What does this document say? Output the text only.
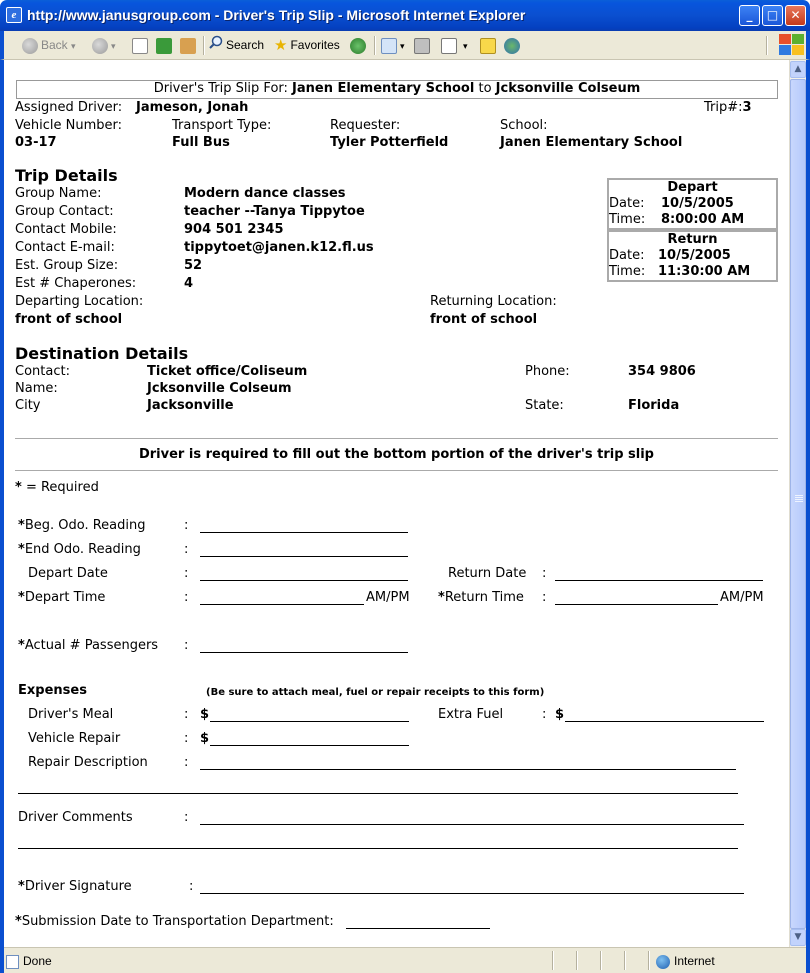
e http://www.janusgroup.com - Driver's Trip Slip - Microsoft Internet Explorer	_	□	✕
Back ▾	▾	Search ★ Favorites	▾	▾
Driver's Trip Slip For: Janen Elementary School to Jcksonville Colseum
Assigned Driver: Jameson, Jonah	Trip#:3
Vehicle Number:	Transport Type:	Requester:	School:
03-17	Full Bus	Tyler Potterfield	Janen Elementary School
Trip Details
Group Name:	Modern dance classes
Group Contact:	teacher --Tanya Tippytoe
Contact Mobile:	904 501 2345
Contact E-mail:	tippytoet@janen.k12.fl.us
Est. Group Size:	52
Est # Chaperones:	4
Departing Location:
front of school
Returning Location:
front of school
Depart
Date: 10/5/2005
Time: 8:00:00 AM
Return
Date: 10/5/2005
Time: 11:30:00 AM
Destination Details
Contact:	Ticket office/Coliseum
Name:	Jcksonville Colseum
City	Jacksonville
Phone:	354 9806
State:	Florida
Driver is required to fill out the bottom portion of the driver's trip slip
* = Required
*Beg. Odo. Reading	:
*End Odo. Reading	:
Depart Date	:	Return Date :
*Depart Time	:	AM/PM *Return Time :	AM/PM
*Actual # Passengers :
Expenses	(Be sure to attach meal, fuel or repair receipts to this form)
Driver's Meal	: $	Extra Fuel	: $
Vehicle Repair	: $
Repair Description	:
Driver Comments	:
*Driver Signature	:
*Submission Date to Transportation Department:
▲
▼
Done	Internet
